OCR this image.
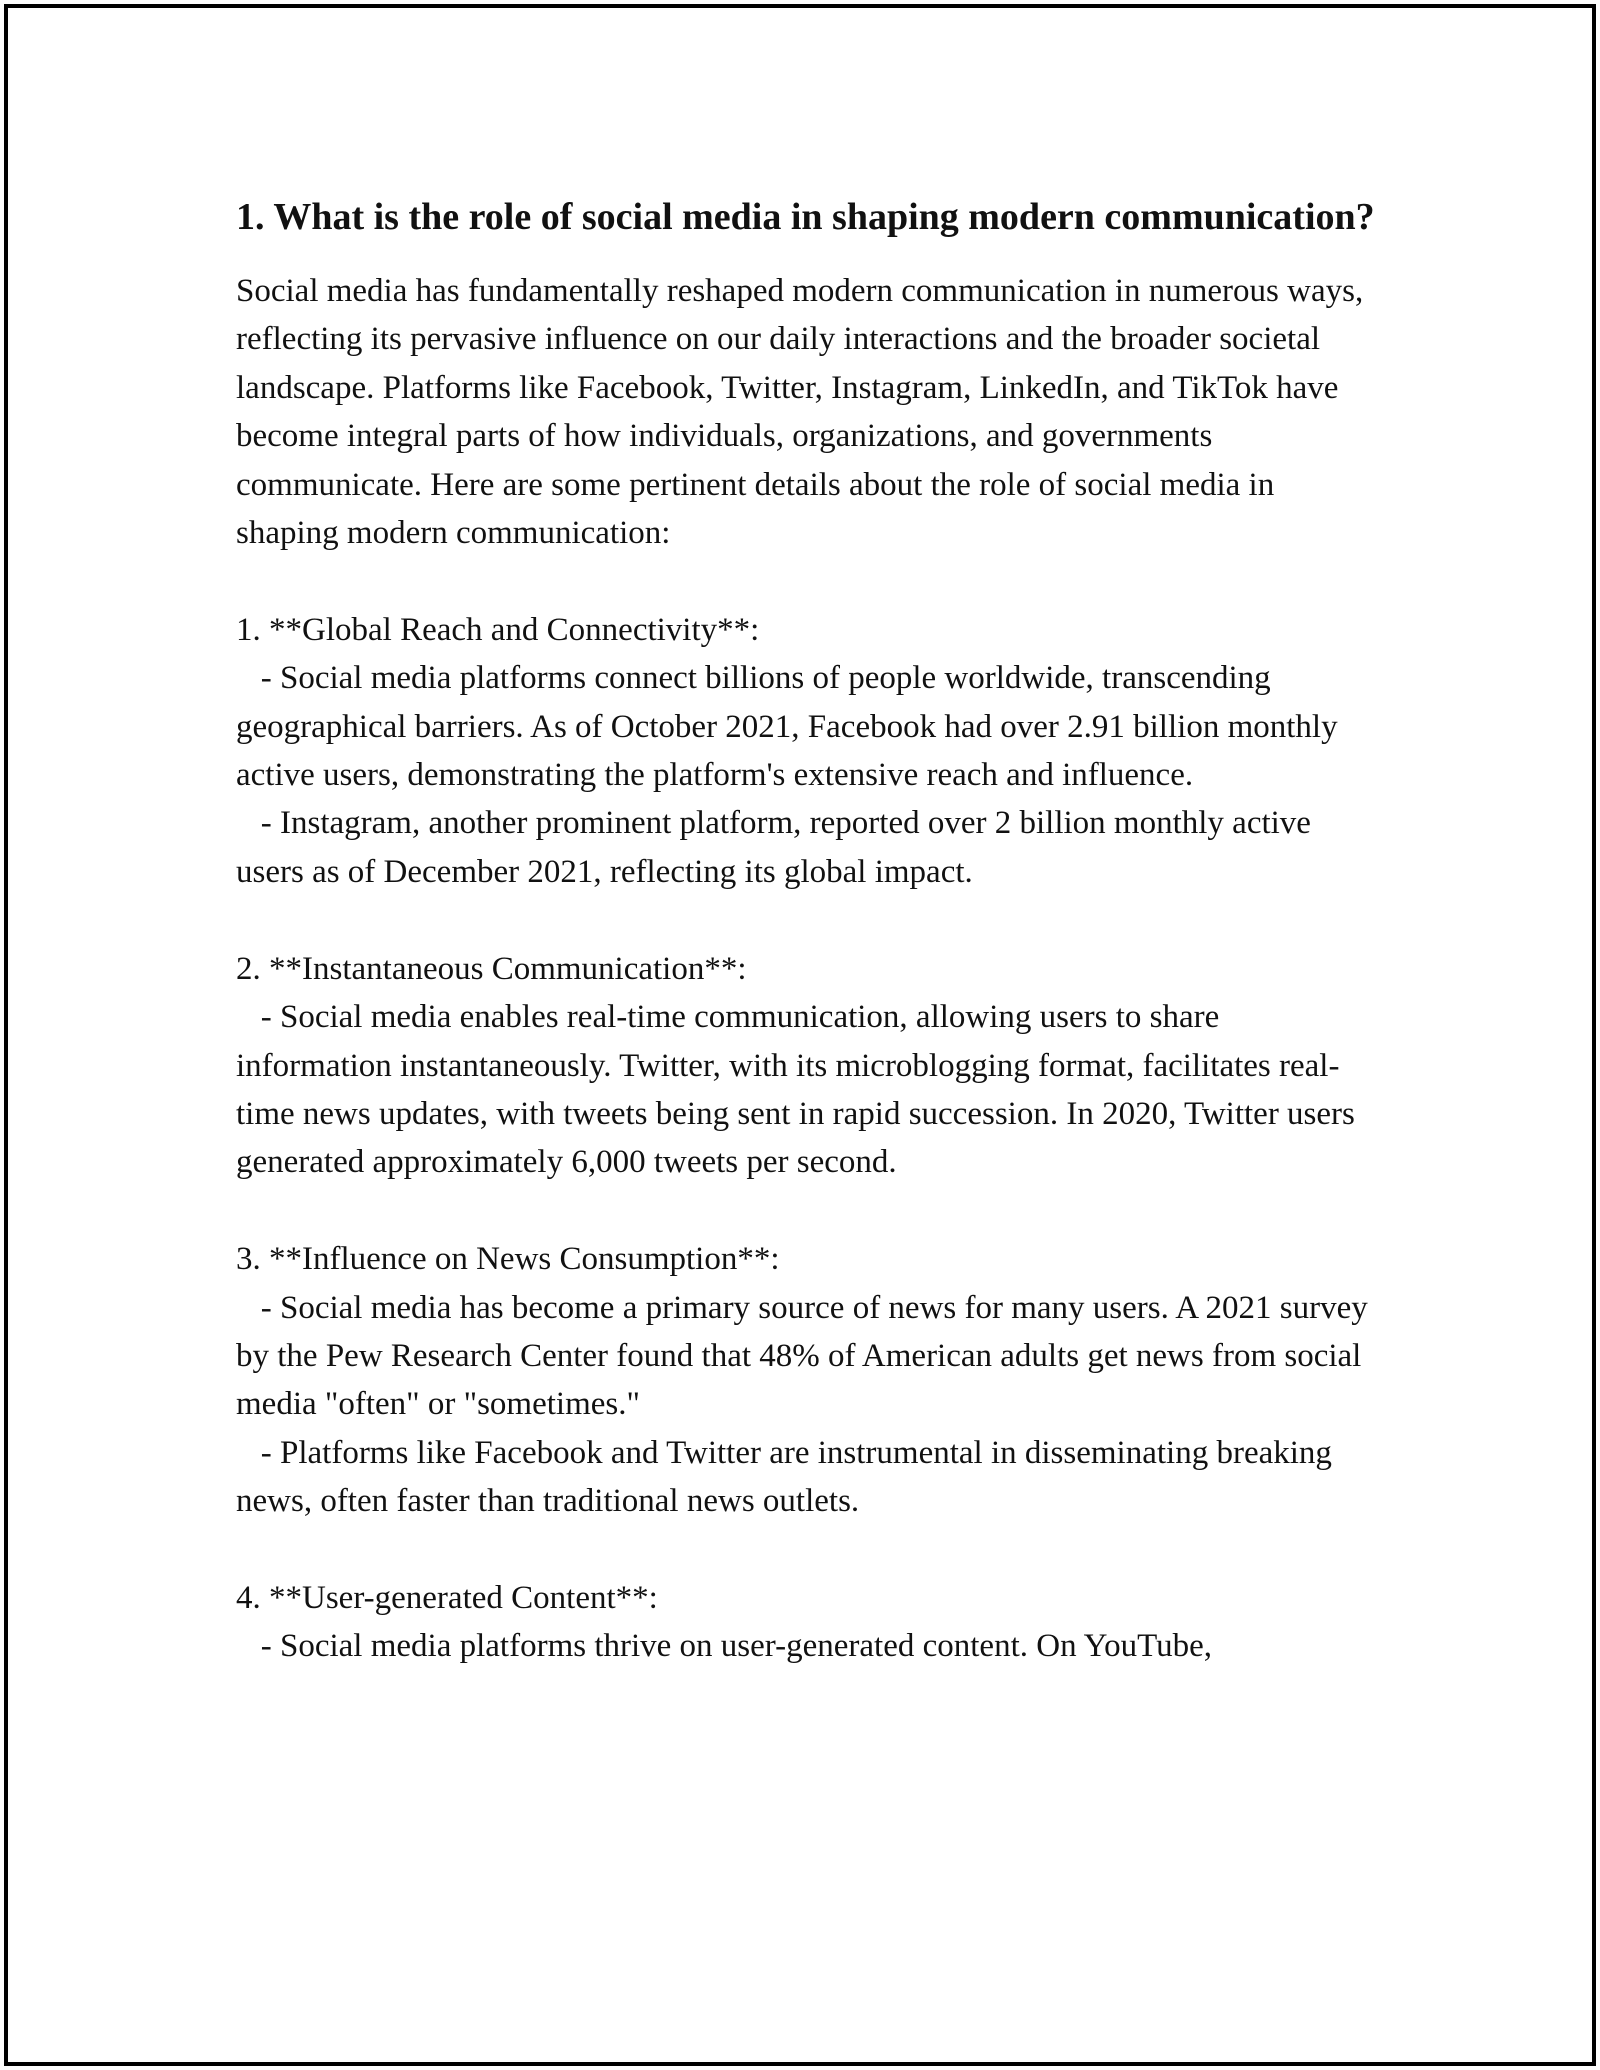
1. What is the role of social media in shaping modern communication?

Social media has fundamentally reshaped modern communication in numerous ways, reflecting its pervasive influence on our daily interactions and the broader societal landscape. Platforms like Facebook, Twitter, Instagram, LinkedIn, and TikTok have become integral parts of how individuals, organizations, and governments communicate. Here are some pertinent details about the role of social media in shaping modern communication:

1. **Global Reach and Connectivity**:
- Social media platforms connect billions of people worldwide, transcending geographical barriers. As of October 2021, Facebook had over 2.91 billion monthly active users, demonstrating the platform's extensive reach and influence.
- Instagram, another prominent platform, reported over 2 billion monthly active users as of December 2021, reflecting its global impact.

2. **Instantaneous Communication**:
- Social media enables real-time communication, allowing users to share information instantaneously. Twitter, with its microblogging format, facilitates real-time news updates, with tweets being sent in rapid succession. In 2020, Twitter users generated approximately 6,000 tweets per second.

3. **Influence on News Consumption**:
- Social media has become a primary source of news for many users. A 2021 survey by the Pew Research Center found that 48% of American adults get news from social media "often" or "sometimes."
- Platforms like Facebook and Twitter are instrumental in disseminating breaking news, often faster than traditional news outlets.

4. **User-generated Content**:
- Social media platforms thrive on user-generated content. On YouTube,
